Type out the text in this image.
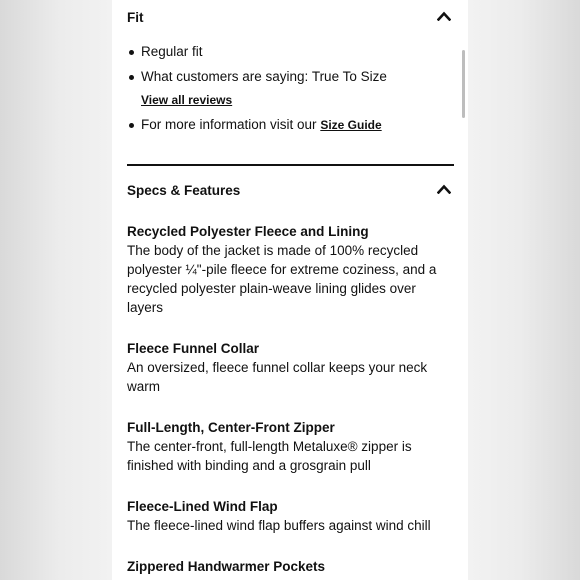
Fit
Regular fit
What customers are saying: True To Size
View all reviews
For more information visit our Size Guide
Specs & Features
Recycled Polyester Fleece and Lining
The body of the jacket is made of 100% recycled polyester ¼"-pile fleece for extreme coziness, and a recycled polyester plain-weave lining glides over layers
Fleece Funnel Collar
An oversized, fleece funnel collar keeps your neck warm
Full-Length, Center-Front Zipper
The center-front, full-length Metaluxe® zipper is finished with binding and a grosgrain pull
Fleece-Lined Wind Flap
The fleece-lined wind flap buffers against wind chill
Zippered Handwarmer Pockets
